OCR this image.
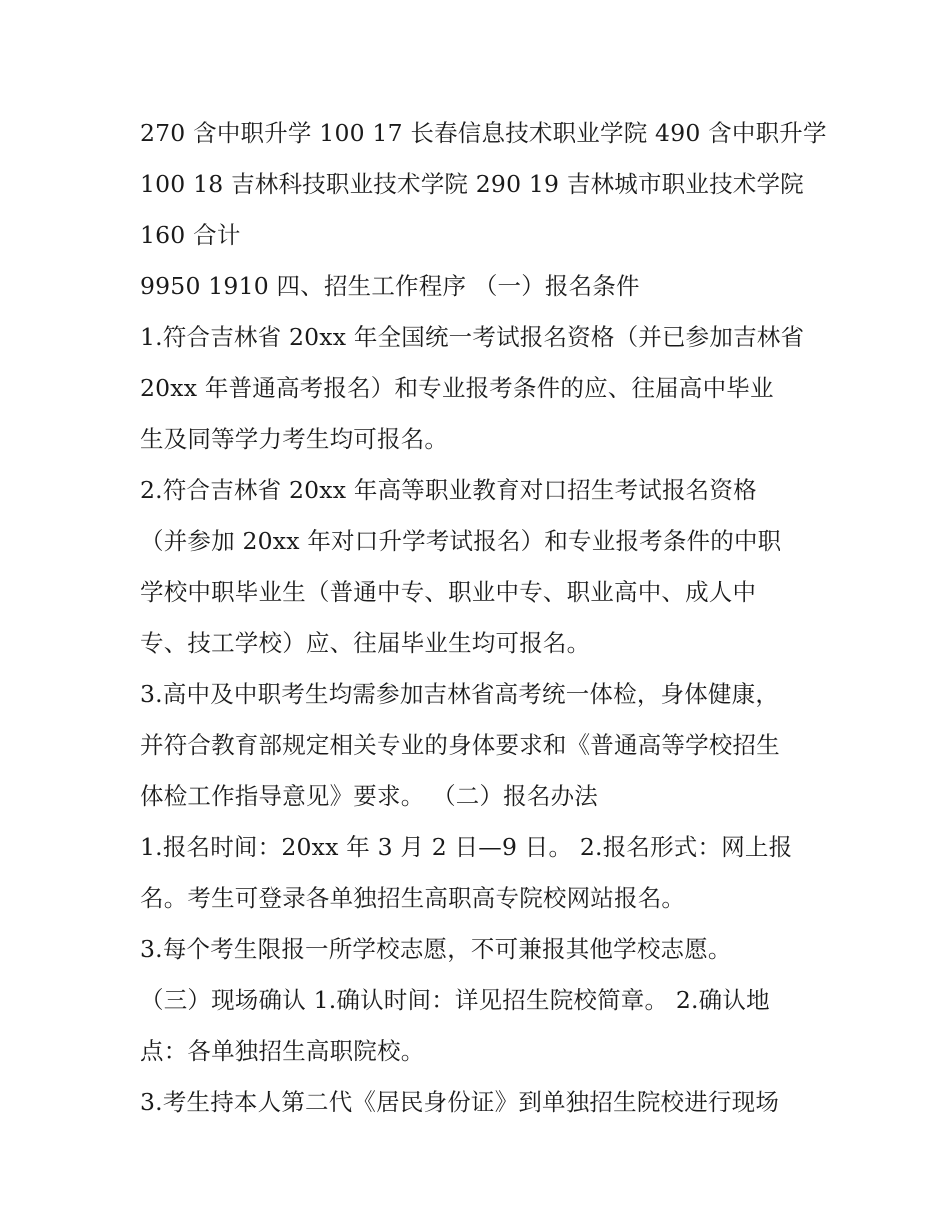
270 含中职升学 100 17 长春信息技术职业学院 490 含中职升学
100 18 吉林科技职业技术学院 290 19 吉林城市职业技术学院
160 合计
9950 1910 四、招生工作程序 （一）报名条件
1.符合吉林省 20xx 年全国统一考试报名资格（并已参加吉林省
20xx 年普通高考报名）和专业报考条件的应、往届高中毕业
生及同等学力考生均可报名。
2.符合吉林省 20xx 年高等职业教育对口招生考试报名资格
（并参加 20xx 年对口升学考试报名）和专业报考条件的中职
学校中职毕业生（普通中专、职业中专、职业高中、成人中
专、技工学校）应、往届毕业生均可报名。
3.高中及中职考生均需参加吉林省高考统一体检，身体健康，
并符合教育部规定相关专业的身体要求和《普通高等学校招生
体检工作指导意见》要求。 （二）报名办法
1.报名时间：20xx 年 3 月 2 日—9 日。 2.报名形式：网上报
名。考生可登录各单独招生高职高专院校网站报名。
3.每个考生限报一所学校志愿，不可兼报其他学校志愿。
（三）现场确认 1.确认时间：详见招生院校简章。 2.确认地
点：各单独招生高职院校。
3.考生持本人第二代《居民身份证》到单独招生院校进行现场
